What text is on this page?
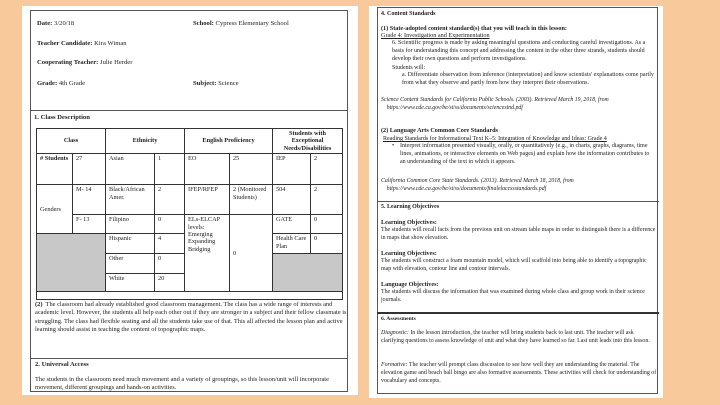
Date: 3/20/18	School: Cypress Elementary School
Teacher Candidate: Kira Wiman
Cooperating Teacher: Julie Herder
Grade: 4th Grade	Subject: Science
1. Class Description
Class		Ethnicity		English Proficiency		Students with Exceptional Needs/Disabilities	
# Students	27	Asian	1	EO	25	IEP	2
Genders	M- 14	Black/African Amer.	2	IFEP/RFEP	2 (Monitored Students)	504	2
	F- 13	Filipino	0	ELs-ELCAP levels: Emerging Expanding Bridging	0	GATE	0
		Hispanic	4			Health Care Plan	0
		Other	0				
		White	20				

(2) The classroom had already established good classroom management. The class has a wide range of interests and academic level. However, the students all help each other out if they are stronger in a subject and their fellow classmate is struggling. The class had flexible seating and all the students take use of that. This all affected the lesson plan and active learning should assist in teaching the content of topographic maps.
2. Universal Access
The students in the classroom need much movement and a variety of groupings, so this lesson/unit will incorporate movement, different groupings and hands-on activities.
4. Content Standards
(1) State-adopted content standard(s) that you will teach in this lesson:
Grade 4: Investigation and Experimentation
6. Scientific progress is made by asking meaningful questions and conducting careful investigations. As a basis for understanding this concept and addressing the content in the other three strands, students should develop their own questions and perform investigations.
Students will:
a. Differentiate observation from inference (interpretation) and know scientists' explanations come partly from what they observe and partly from how they interpret their observations.
Science Content Standards for California Public Schools. (2003). Retrieved March 19, 2018, from
https://www.cde.ca.gov/be/st/ss/documents/sciencestnd.pdf
(2) Language Arts Common Core Standards
Reading Standards for Informational Text K–5: Integration of Knowledge and Ideas: Grade 4
• Interpret information presented visually, orally, or quantitatively (e.g., in charts, graphs, diagrams, time lines, animations, or interactive elements on Web pages) and explain how the information contributes to an understanding of the text in which it appears.
California Common Core State Standards. (2013). Retrieved March 18, 2018, from
https://www.cde.ca.gov/be/st/ss/documents/finalelaccssstandards.pdf
5. Learning Objectives
Learning Objectives:
The students will recall facts from the previous unit on stream table maps in order to distinguish there is a difference in maps that show elevation.
Learning Objectives:
The students will construct a foam mountain model, which will scaffold into being able to identify a topographic map with elevation, contour line and contour intervals.
Language Objectives:
The students will discuss the information that was examined during whole class and group work in their science journals.
6. Assessments
Diagnostic: In the lesson introduction, the teacher will bring students back to last unit. The teacher will ask clarifying questions to assess knowledge of unit and what they have learned so far. Last unit leads into this lesson.
Formative: The teacher will prompt class discussion to see how well they are understanding the material. The elevation game and beach ball bingo are also formative assessments. These activities will check for understanding of vocabulary and concepts.
